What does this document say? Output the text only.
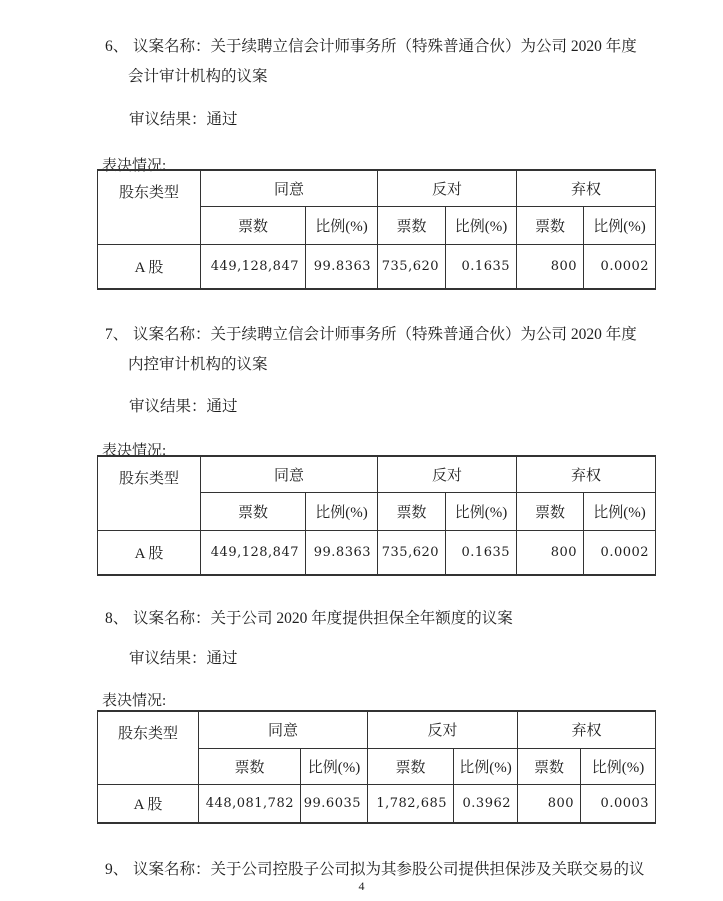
6、 议案名称：关于续聘立信会计师事务所（特殊普通合伙）为公司 2020 年度
会计审计机构的议案
审议结果：通过
表决情况:
股东类型	同意		反对		弃权	
	票数	比例(%)	票数	比例(%)	票数	比例(%)
A 股	449,128,847	99.8363	735,620	0.1635	800	0.0002
7、 议案名称：关于续聘立信会计师事务所（特殊普通合伙）为公司 2020 年度
内控审计机构的议案
审议结果：通过
表决情况:
股东类型	同意		反对		弃权	
	票数	比例(%)	票数	比例(%)	票数	比例(%)
A 股	449,128,847	99.8363	735,620	0.1635	800	0.0002
8、 议案名称：关于公司 2020 年度提供担保全年额度的议案
审议结果：通过
表决情况:
股东类型	同意		反对		弃权	
	票数	比例(%)	票数	比例(%)	票数	比例(%)
A 股	448,081,782	99.6035	1,782,685	0.3962	800	0.0003
9、 议案名称：关于公司控股子公司拟为其参股公司提供担保涉及关联交易的议
4
